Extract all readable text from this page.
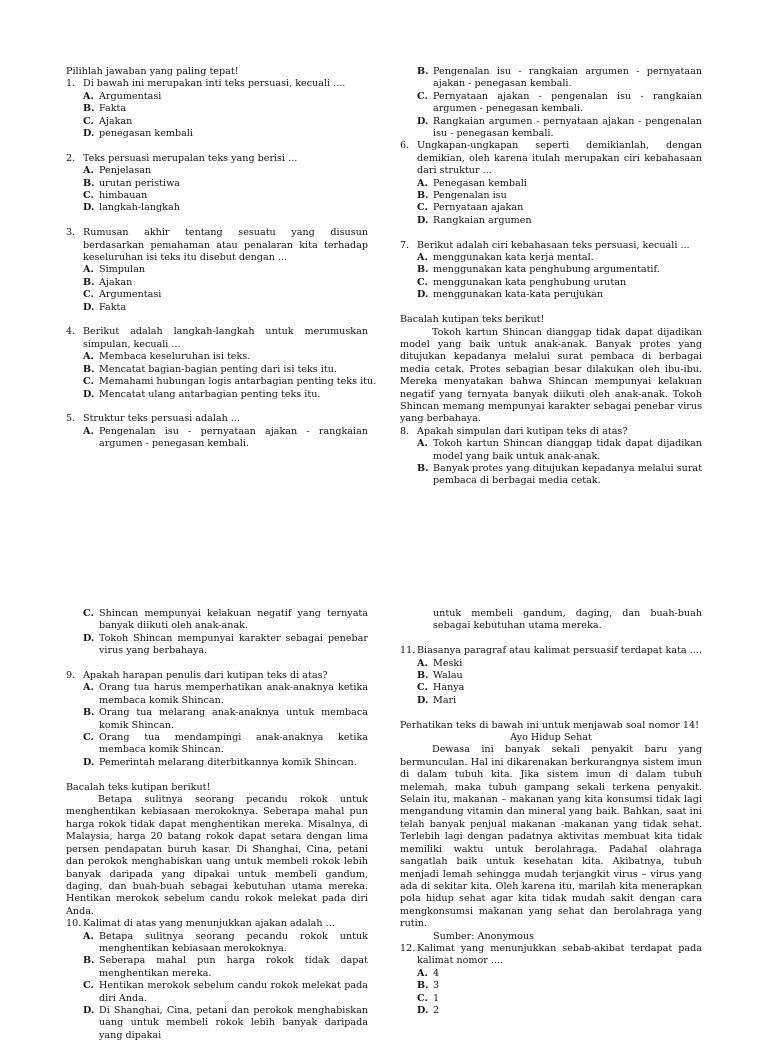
Pilihlah jawaban yang paling tepat!

1. Di bawah ini merupakan inti teks persuasi, kecuali ....
A. Argumentasi
B. Fakta
C. Ajakan
D. penegasan kembali
2. Teks persuasi merupalan teks yang berisi ...
A. Penjelasan
B. urutan peristiwa
C. himbauan
D. langkah-langkah
3. Rumusan akhir tentang sesuatu yang disusun berdasarkan pemahaman atau penalaran kita terhadap keseluruhan isi teks itu disebut dengan ...
A. Simpulan
B. Ajakan
C. Argumentasi
D. Fakta
4. Berikut adalah langkah-langkah untuk merumuskan simpulan, kecuali ...
A. Membaca keseluruhan isi teks.
B. Mencatat bagian-bagian penting dari isi teks itu.
C. Memahami hubungan logis antarbagian penting teks itu.
D. Mencatat ulang antarbagian penting teks itu.
5. Struktur teks persuasi adalah ...
A. Pengenalan isu - pernyataan ajakan - rangkaian argumen - penegasan kembali.
B. Pengenalan isu - rangkaian argumen - pernyataan ajakan - penegasan kembali.
C. Pernyataan ajakan - pengenalan isu - rangkaian argumen - penegasan kembali.
D. Rangkaian argumen - pernyataan ajakan - pengenalan isu - penegasan kembali.
6. Ungkapan-ungkapan seperti demikianlah, dengan demikian, oleh karena itulah merupakan ciri kebahasaan dari struktur ...
A. Penegasan kembali
B. Pengenalan isu
C. Pernyataan ajakan
D. Rangkaian argumen
7. Berikut adalah ciri kebahasaan teks persuasi, kecuali ...
A. menggunakan kata kerja mental.
B. menggunakan kata penghubung argumentatif.
C. menggunakan kata penghubung urutan
D. menggunakan kata-kata perujukan

Bacalah kutipan teks berikut!

Tokoh kartun Shincan dianggap tidak dapat dijadikan model yang baik untuk anak-anak. Banyak protes yang ditujukan kepadanya melalui surat pembaca di berbagai media cetak. Protes sebagian besar dilakukan oleh ibu-ibu. Mereka menyatakan bahwa Shincan mempunyai kelakuan negatif yang ternyata banyak diikuti oleh anak-anak. Tokoh Shincan memang mempunyai karakter sebagai penebar virus yang berbahaya.

8. Apakah simpulan dari kutipan teks di atas?
A. Tokoh kartun Shincan dianggap tidak dapat dijadikan model yang baik untuk anak-anak.
B. Banyak protes yang ditujukan kepadanya melalui surat pembaca di berbagai media cetak.
C. Shincan mempunyai kelakuan negatif yang ternyata banyak diikuti oleh anak-anak.
D. Tokoh Shincan mempunyai karakter sebagai penebar virus yang berbahaya.
9. Apakah harapan penulis dari kutipan teks di atas?
A. Orang tua harus memperhatikan anak-anaknya ketika membaca komik Shincan.
B. Orang tua melarang anak-anaknya untuk membaca komik Shincan.
C. Orang tua mendampingi anak-anaknya ketika membaca komik Shincan.
D. Pemerintah melarang diterbitkannya komik Shincan.

Bacalah teks kutipan berikut!

Betapa sulitnya seorang pecandu rokok untuk menghentikan kebiasaan merokoknya. Seberapa mahal pun harga rokok tidak dapat menghentikan mereka. Misalnya, di Malaysia, harga 20 batang rokok dapat setara dengan lima persen pendapatan buruh kasar. Di Shanghai, Cina, petani dan perokok menghabiskan uang untuk membeli rokok lebih banyak daripada yang dipakai untuk membeli gandum, daging, dan buah-buah sebagai kebutuhan utama mereka. Hentikan merokok sebelum candu rokok melekat pada diri Anda.

10. Kalimat di atas yang menunjukkan ajakan adalah ...
A. Betapa sulitnya seorang pecandu rokok untuk menghentikan kebiasaan merokoknya.
B. Seberapa mahal pun harga rokok tidak dapat menghentikan mereka.
C. Hentikan merokok sebelum candu rokok melekat pada diri Anda.
D. Di Shanghai, Cina, petani dan perokok menghabiskan uang untuk membeli rokok lebih banyak daripada yang dipakai

untuk membeli gandum, daging, dan buah-buah sebagai kebutuhan utama mereka.

11. Biasanya paragraf atau kalimat persuasif terdapat kata ....
A. Meski
B. Walau
C. Hanya
D. Mari

Perhatikan teks di bawah ini untuk menjawab soal nomor 14!

Ayo Hidup Sehat

Dewasa ini banyak sekali penyakit baru yang bermunculan. Hal ini dikarenakan berkurangnya sistem imun di dalam tubuh kita. Jika sistem imun di dalam tubuh melemah, maka tubuh gampang sekali terkena penyakit. Selain itu, makanan – makanan yang kita konsumsi tidak lagi mengandung vitamin dan mineral yang baik. Bahkan, saat ini telah banyak penjual makanan -makanan yang tidak sehat. Terlebih lagi dengan padatnya aktivitas membuat kita tidak memiliki waktu untuk berolahraga. Padahal olahraga sangatlah baik untuk kesehatan kita. Akibatnya, tubuh menjadi lemah sehingga mudah terjangkit virus – virus yang ada di sekitar kita. Oleh karena itu, marilah kita menerapkan pola hidup sehat agar kita tidak mudah sakit dengan cara mengkonsumsi makanan yang sehat dan berolahraga yang rutin.

Sumber: Anonymous

12. Kalimat yang menunjukkan sebab-akibat terdapat pada kalimat nomor ....
A. 4
B. 3
C. 1
D. 2
